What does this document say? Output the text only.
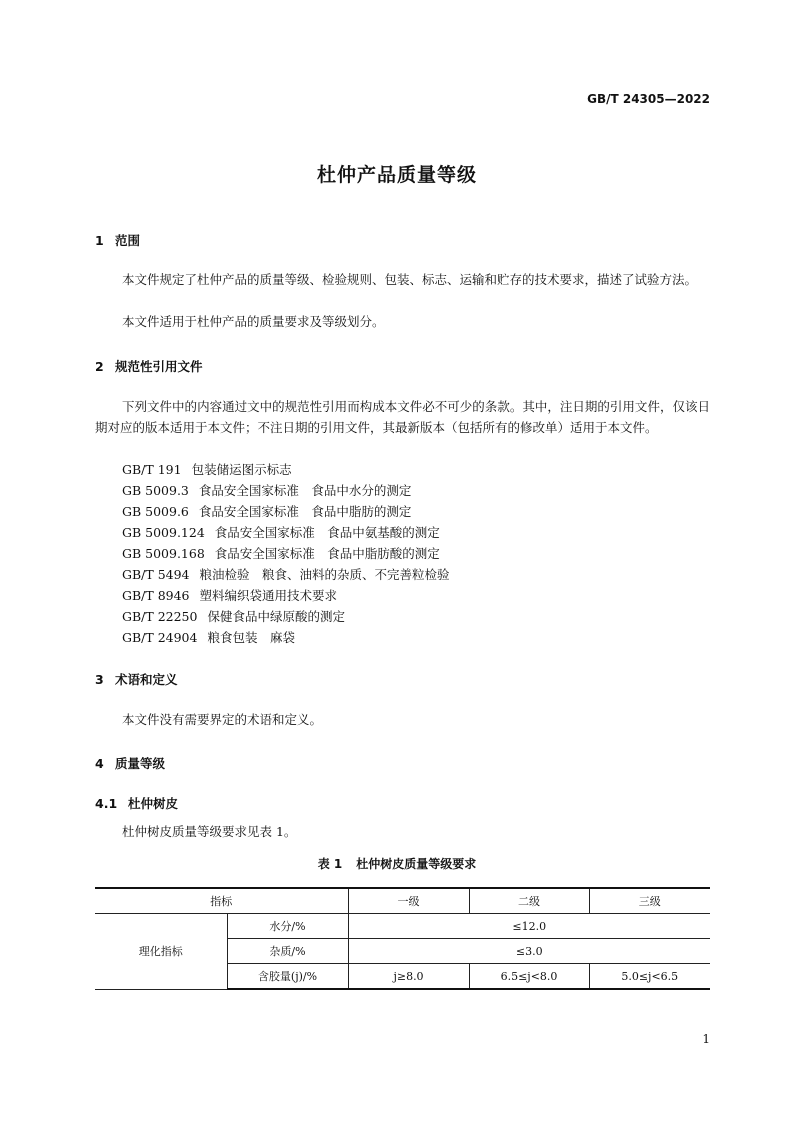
GB/T 24305—2022
杜仲产品质量等级
1 范围
本文件规定了杜仲产品的质量等级、检验规则、包装、标志、运输和贮存的技术要求，描述了试验方法。
本文件适用于杜仲产品的质量要求及等级划分。
2 规范性引用文件
下列文件中的内容通过文中的规范性引用而构成本文件必不可少的条款。其中，注日期的引用文件，仅该日期对应的版本适用于本文件；不注日期的引用文件，其最新版本（包括所有的修改单）适用于本文件。
GB/T 191 包装储运图示标志
GB 5009.3 食品安全国家标准　食品中水分的测定
GB 5009.6 食品安全国家标准　食品中脂肪的测定
GB 5009.124 食品安全国家标准　食品中氨基酸的测定
GB 5009.168 食品安全国家标准　食品中脂肪酸的测定
GB/T 5494 粮油检验　粮食、油料的杂质、不完善粒检验
GB/T 8946 塑料编织袋通用技术要求
GB/T 22250 保健食品中绿原酸的测定
GB/T 24904 粮食包装　麻袋
3 术语和定义
本文件没有需要界定的术语和定义。
4 质量等级
4.1 杜仲树皮
杜仲树皮质量等级要求见表 1。
表 1 杜仲树皮质量等级要求
指标		一级	二级	三级
理化指标	水分/%	≤12.0		
	杂质/%	≤3.0		
	含胶量(j)/%	j≥8.0	6.5≤j<8.0	5.0≤j<6.5
1
